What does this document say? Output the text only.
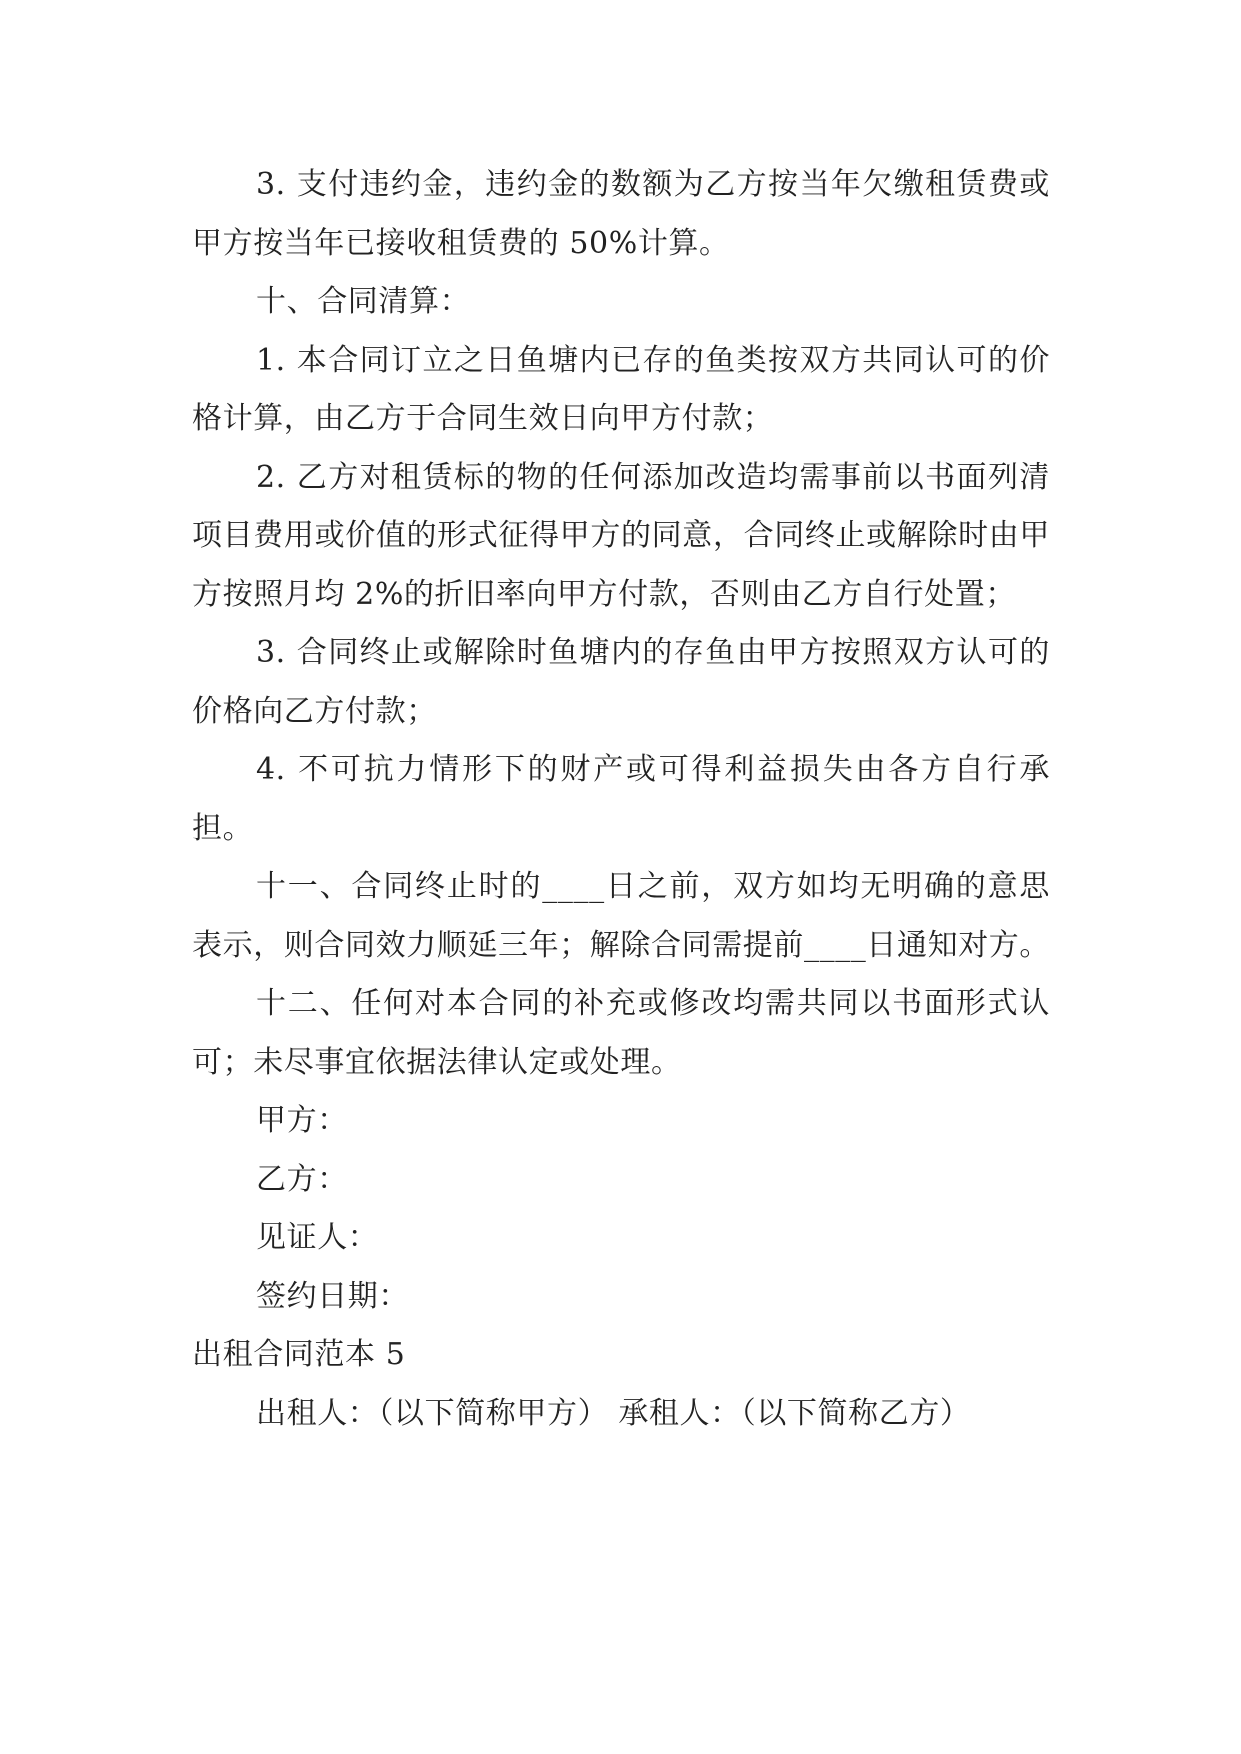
3. 支付违约金，违约金的数额为乙方按当年欠缴租赁费或甲方按当年已接收租赁费的 50%计算。

十、合同清算：

1. 本合同订立之日鱼塘内已存的鱼类按双方共同认可的价格计算，由乙方于合同生效日向甲方付款；

2. 乙方对租赁标的物的任何添加改造均需事前以书面列清项目费用或价值的形式征得甲方的同意，合同终止或解除时由甲方按照月均 2%的折旧率向甲方付款，否则由乙方自行处置；

3. 合同终止或解除时鱼塘内的存鱼由甲方按照双方认可的价格向乙方付款；

4. 不可抗力情形下的财产或可得利益损失由各方自行承担。

十一、合同终止时的____日之前，双方如均无明确的意思表示，则合同效力顺延三年；解除合同需提前____日通知对方。

十二、任何对本合同的补充或修改均需共同以书面形式认可；未尽事宜依据法律认定或处理。

甲方：

乙方：

见证人：

签约日期：

出租合同范本 5

出租人：（以下简称甲方） 承租人：（以下简称乙方）
